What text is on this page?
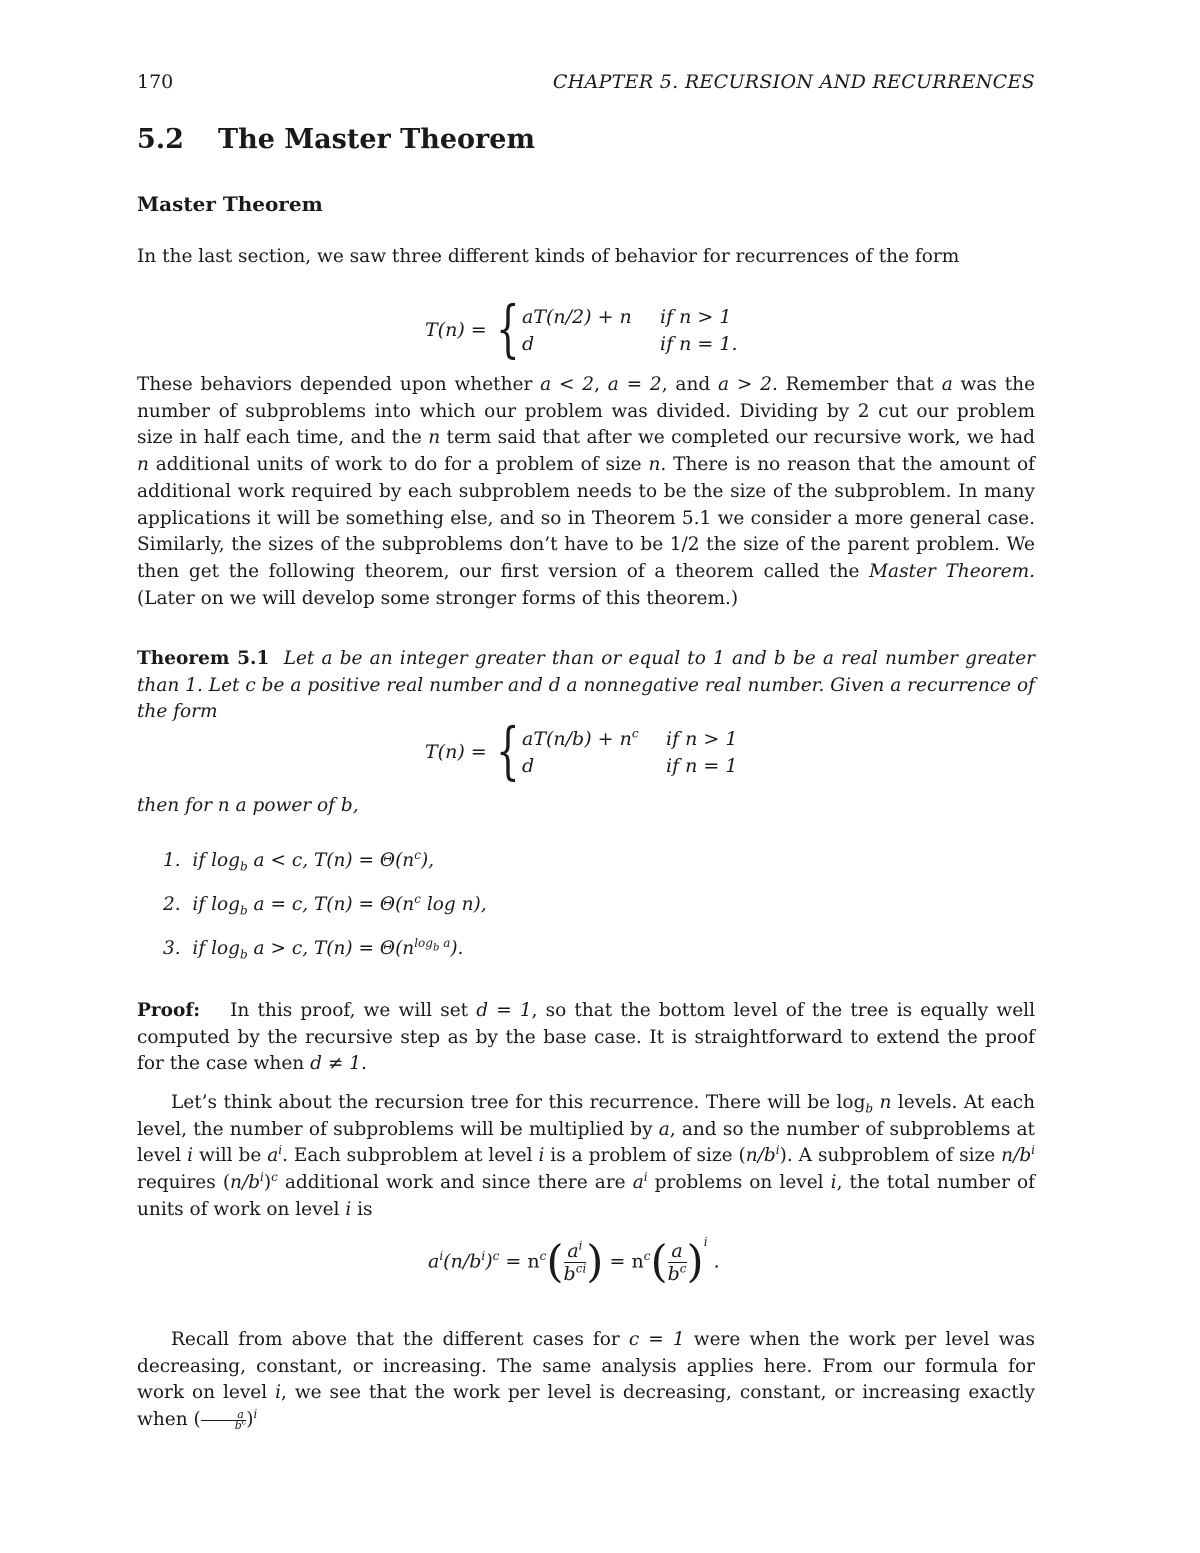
170	CHAPTER 5. RECURSION AND RECURRENCES
5.2 The Master Theorem
Master Theorem
In the last section, we saw three different kinds of behavior for recurrences of the form
T(n) = { aT(n/2) + n if n > 1
d	if n = 1.
These behaviors depended upon whether a < 2, a = 2, and a > 2. Remember that a was the number of subproblems into which our problem was divided. Dividing by 2 cut our problem size in half each time, and the n term said that after we completed our recursive work, we had n additional units of work to do for a problem of size n. There is no reason that the amount of additional work required by each subproblem needs to be the size of the subproblem. In many applications it will be something else, and so in Theorem 5.1 we consider a more general case. Similarly, the sizes of the subproblems don’t have to be 1/2 the size of the parent problem. We then get the following theorem, our first version of a theorem called the Master Theorem. (Later on we will develop some stronger forms of this theorem.)
Theorem 5.1 Let a be an integer greater than or equal to 1 and b be a real number greater than 1. Let c be a positive real number and d a nonnegative real number. Given a recurrence of the form
T(n) = { $aT(n/b) + n^c$ if n > 1
d	if n = 1
then for n a power of b,
1. if $\log_b a < c$, $T(n) = \Theta(n^c)$,
2. if $\log_b a = c$, $T(n) = \Theta(n^c$ log n),
3. if $\log_b a > c$, $T(n) = \Theta(n^{log_b a})$.
Proof: In this proof, we will set d = 1, so that the bottom level of the tree is equally well computed by the recursive step as by the base case. It is straightforward to extend the proof for the case when d ≠ 1.
Let’s think about the recursion tree for this recurrence. There will be $\log_b n$ levels. At each level, the number of subproblems will be multiplied by a, and so the number of subproblems at level i will be $a^i$. Each subproblem at level i is a problem of size $(n/b^i)$. A subproblem of size $n/b^i$ requires $(n/b^i)^c$ additional work and since there are $a^i$ problems on level i, the total number of units of work on level i is
$a^i(n/b^i)^c = n^c( \frac{a^i}{b^{ci}}$ ) = $n^c( \frac{a}{b^c} )^i$ .
Recall from above that the different cases for c = 1 were when the work per level was decreasing, constant, or increasing. The same analysis applies here. From our formula for work on level i, we see that the work per level is decreasing, constant, or increasing exactly when ( $\frac{a}{b^c} )^i$
